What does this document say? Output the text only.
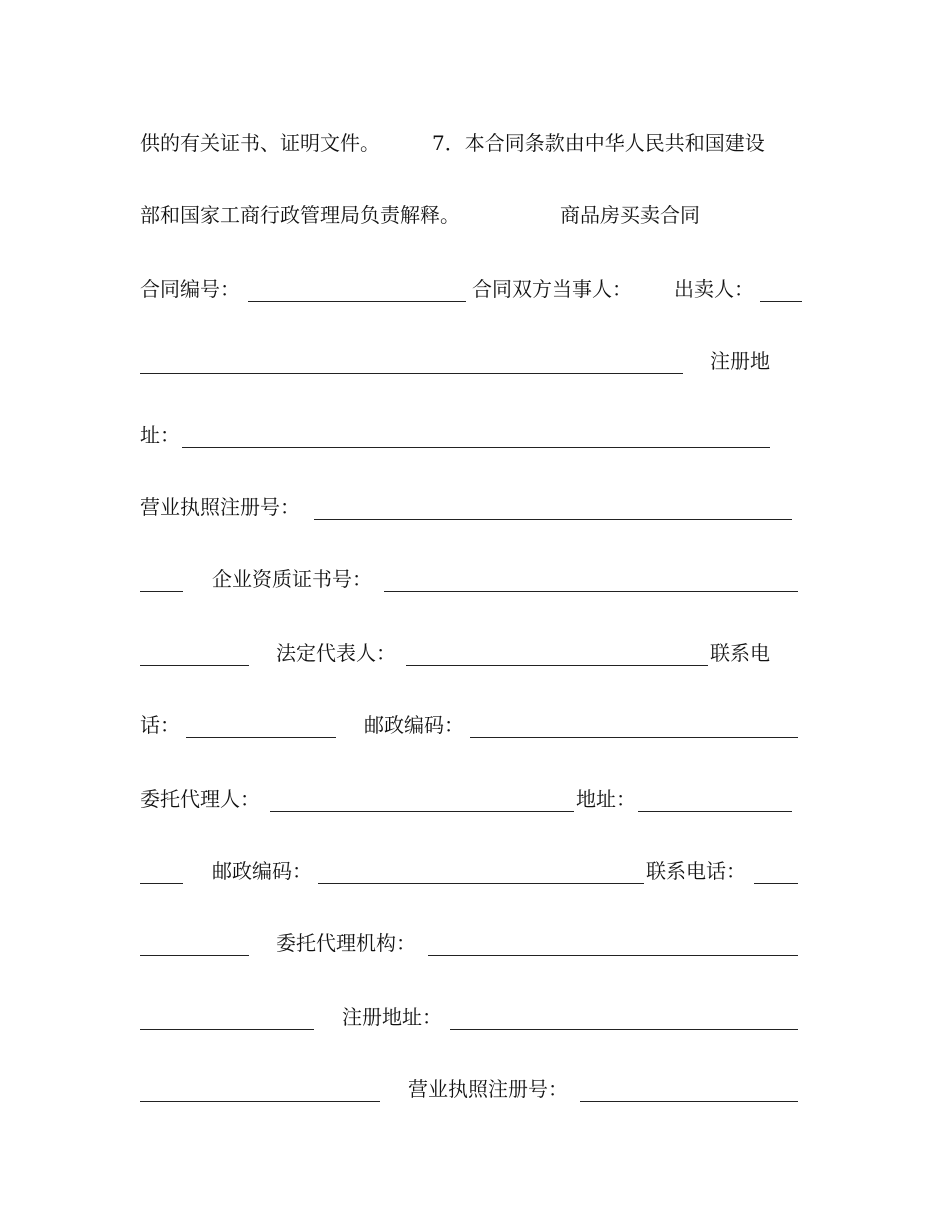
供的有关证书、证明文件。	7．本合同条款由中华人民共和国建设
部和国家工商行政管理局负责解释。	商品房买卖合同
合同编号：	合同双方当事人： 出卖人：
注册地
址：
营业执照注册号：
企业资质证书号：
法定代表人：	联系电
话：	邮政编码：
委托代理人：	地址：
邮政编码：	联系电话：
委托代理机构：
注册地址：
营业执照注册号：
